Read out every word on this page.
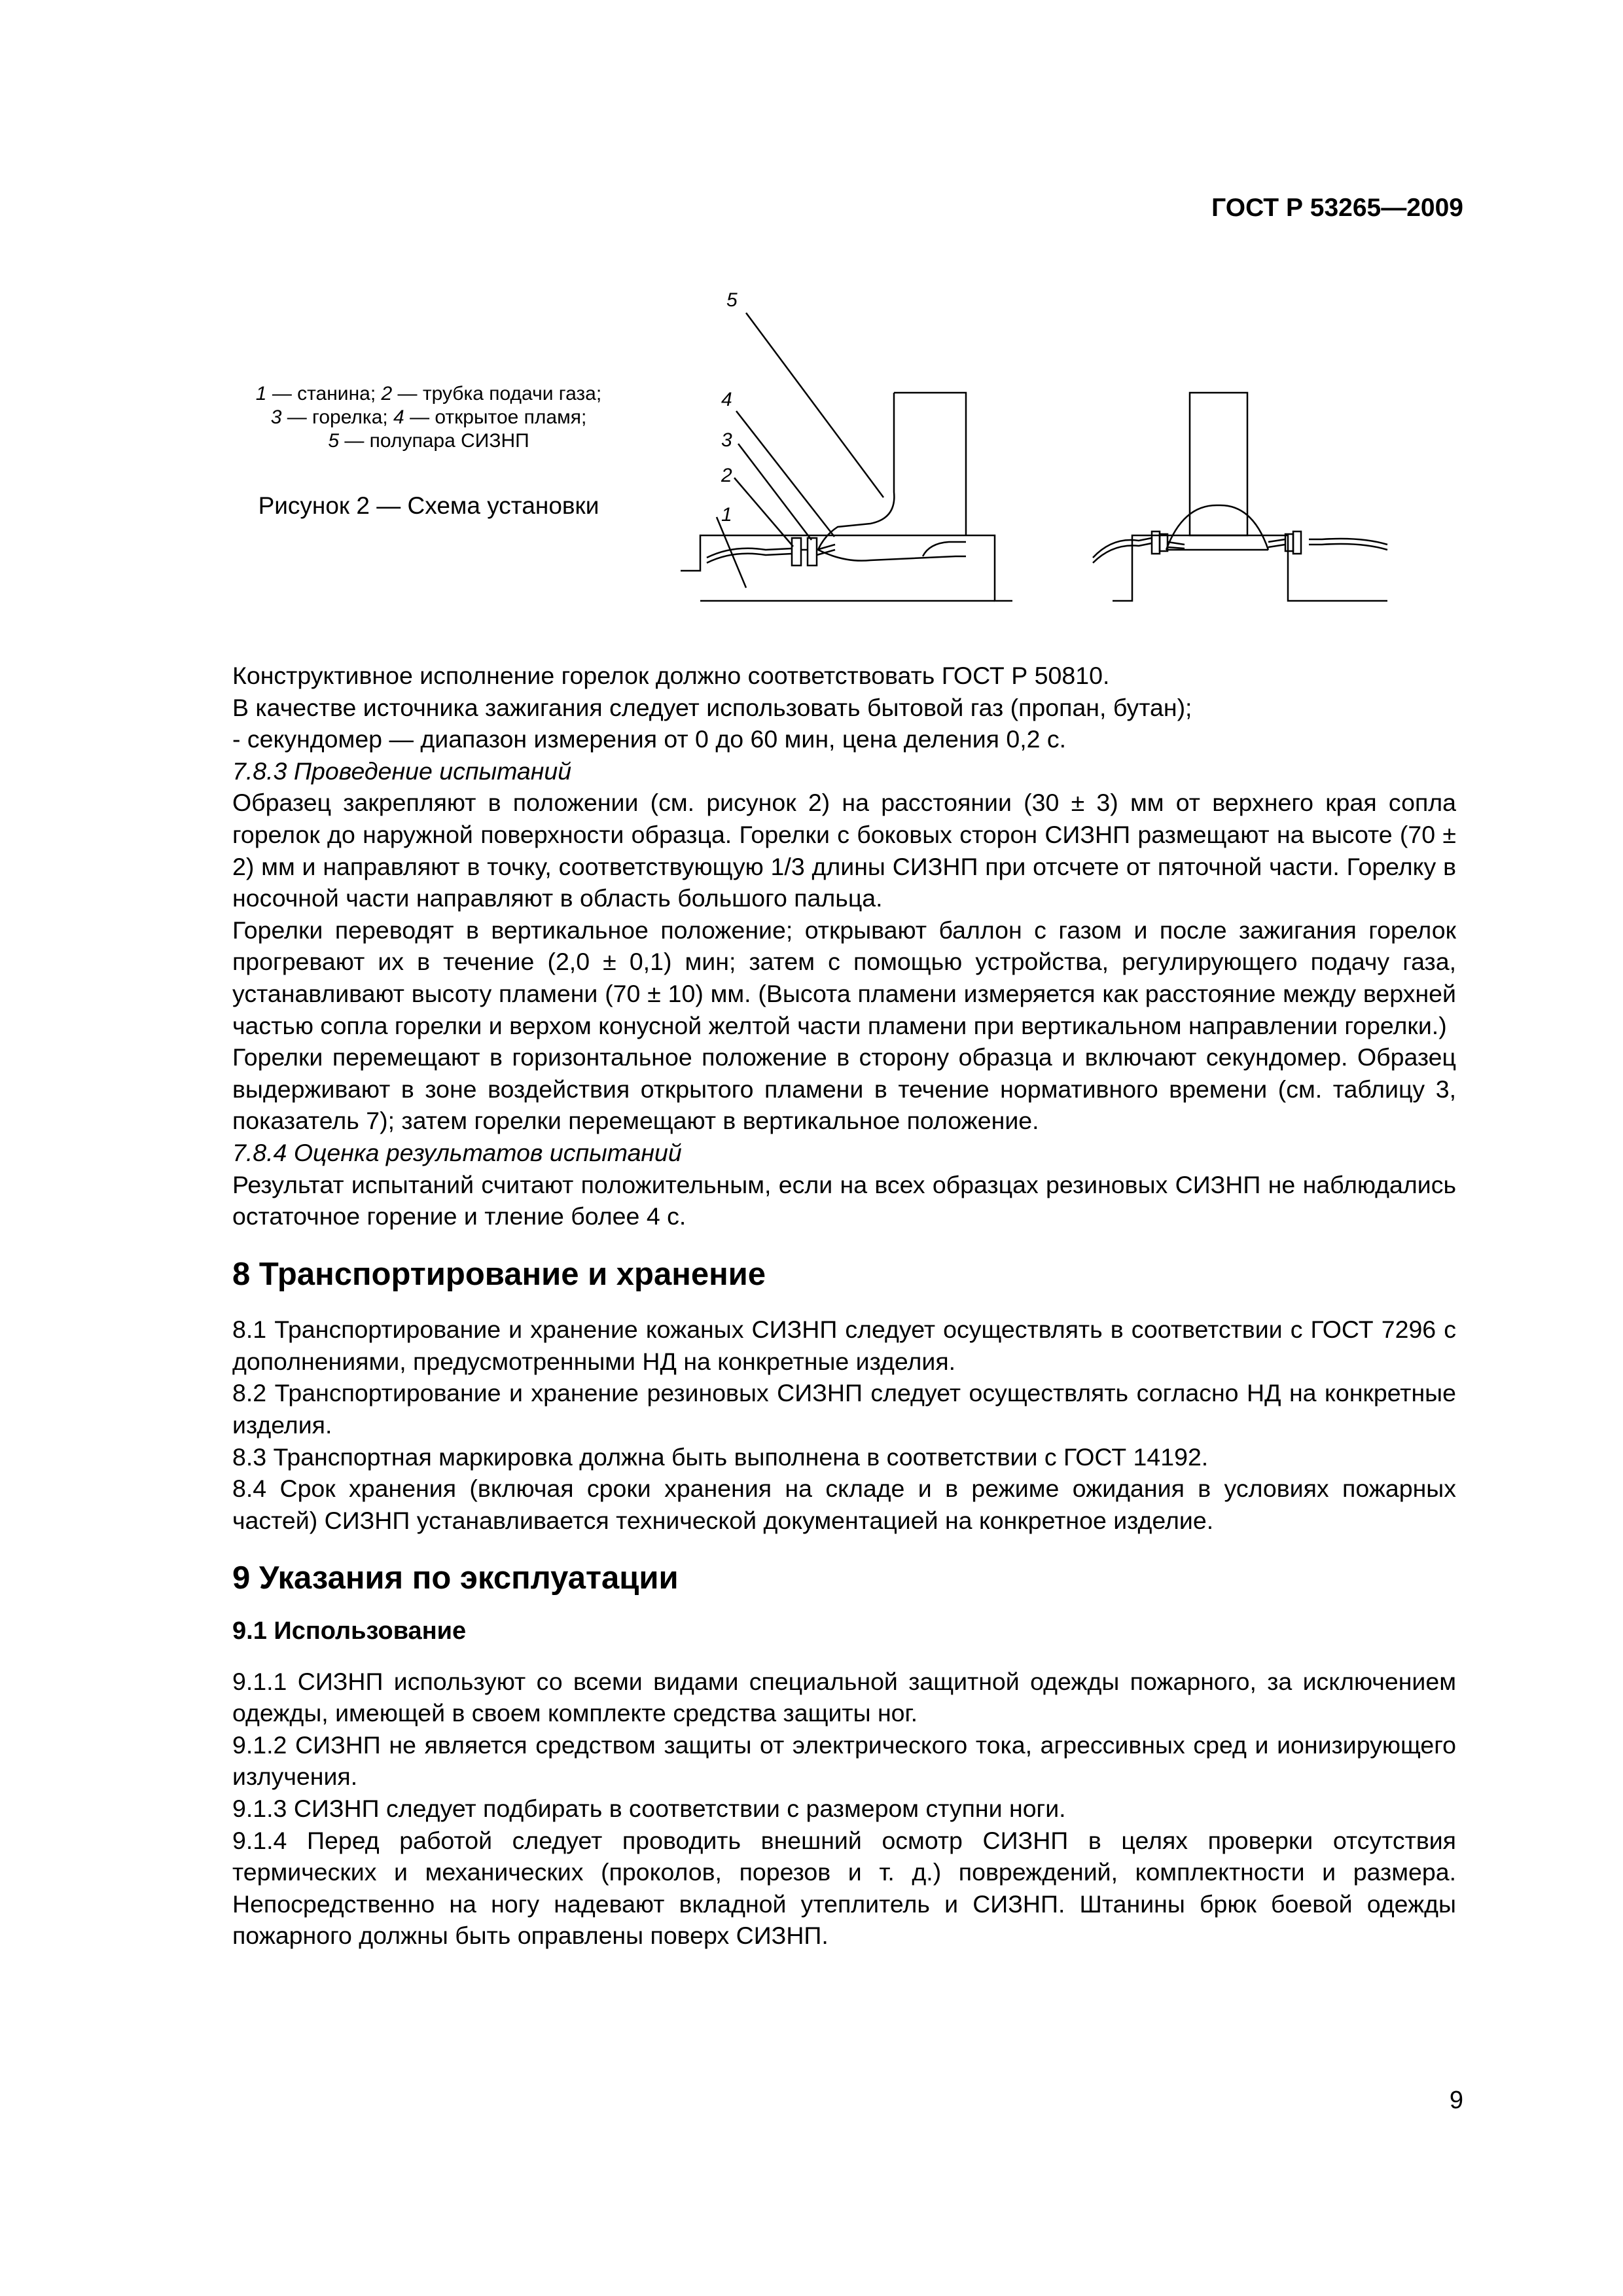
ГОСТ Р 53265—2009
1 — станина; 2 — трубка подачи газа;
3 — горелка; 4 — открытое пламя;
5 — полупара СИЗНП
Рисунок 2 — Схема установки
5
4
3
2
1

Конструктивное исполнение горелок должно соответствовать ГОСТ Р 50810.

В качестве источника зажигания следует использовать бытовой газ (пропан, бутан);

- секундомер — диапазон измерения от 0 до 60 мин, цена деления 0,2 с.

7.8.3 Проведение испытаний

Образец закрепляют в положении (см. рисунок 2) на расстоянии (30 ± 3) мм от верхнего края сопла горелок до наружной поверхности образца. Горелки с боковых сторон СИЗНП размещают на высоте (70 ± 2) мм и направляют в точку, соответствующую 1/3 длины СИЗНП при отсчете от пяточной части. Горелку в носочной части направляют в область большого пальца.

Горелки переводят в вертикальное положение; открывают баллон с газом и после зажигания горелок прогревают их в течение (2,0 ± 0,1) мин; затем с помощью устройства, регулирующего подачу газа, устанавливают высоту пламени (70 ± 10) мм. (Высота пламени измеряется как расстояние между верхней частью сопла горелки и верхом конусной желтой части пламени при вертикальном направлении горелки.)

Горелки перемещают в горизонтальное положение в сторону образца и включают секундомер. Образец выдерживают в зоне воздействия открытого пламени в течение нормативного времени (см. таблицу 3, показатель 7); затем горелки перемещают в вертикальное положение.

7.8.4 Оценка результатов испытаний

Результат испытаний считают положительным, если на всех образцах резиновых СИЗНП не наблюдались остаточное горение и тление более 4 с.

8 Транспортирование и хранение

8.1 Транспортирование и хранение кожаных СИЗНП следует осуществлять в соответствии с ГОСТ 7296 с дополнениями, предусмотренными НД на конкретные изделия.

8.2 Транспортирование и хранение резиновых СИЗНП следует осуществлять согласно НД на конкретные изделия.

8.3 Транспортная маркировка должна быть выполнена в соответствии с ГОСТ 14192.

8.4 Срок хранения (включая сроки хранения на складе и в режиме ожидания в условиях пожарных частей) СИЗНП устанавливается технической документацией на конкретное изделие.

9 Указания по эксплуатации

9.1 Использование

9.1.1 СИЗНП используют со всеми видами специальной защитной одежды пожарного, за исключением одежды, имеющей в своем комплекте средства защиты ног.

9.1.2 СИЗНП не является средством защиты от электрического тока, агрессивных сред и ионизирующего излучения.

9.1.3 СИЗНП следует подбирать в соответствии с размером ступни ноги.

9.1.4 Перед работой следует проводить внешний осмотр СИЗНП в целях проверки отсутствия термических и механических (проколов, порезов и т. д.) повреждений, комплектности и размера. Непосредственно на ногу надевают вкладной утеплитель и СИЗНП. Штанины брюк боевой одежды пожарного должны быть оправлены поверх СИЗНП.

9
